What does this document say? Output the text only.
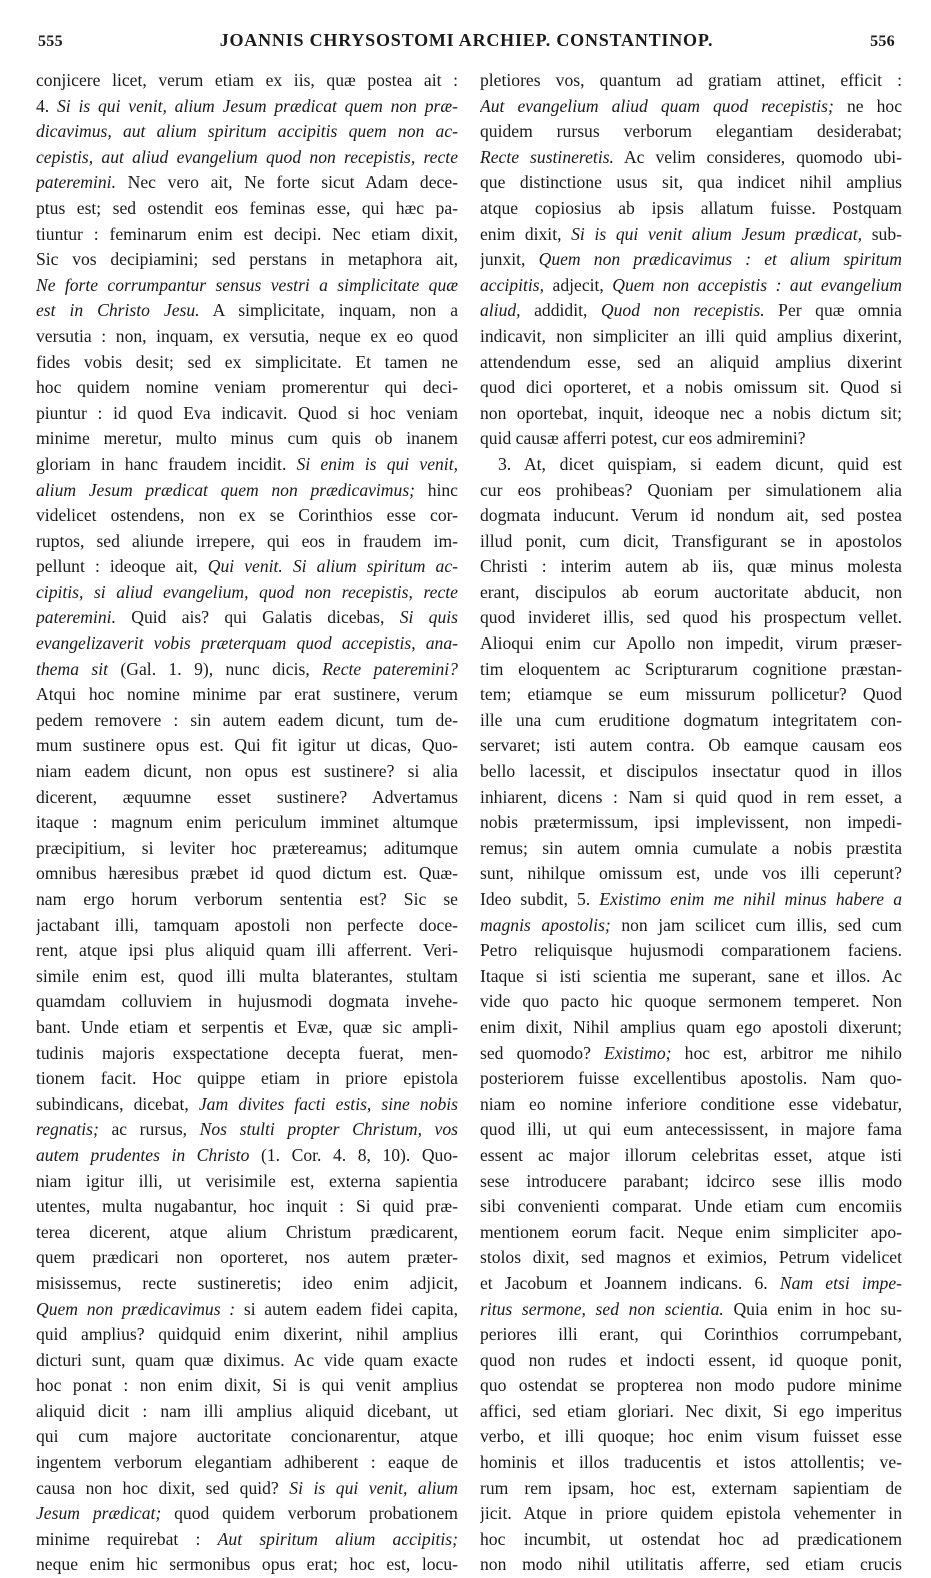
555	JOANNIS CHRYSOSTOMI ARCHIEP. CONSTANTINOP.	556
conjicere licet, verum etiam ex iis, quæ postea ait :
4. Si is qui venit, alium Jesum prædicat quem non præ-
dicavimus, aut alium spiritum accipitis quem non ac-
cepistis, aut aliud evangelium quod non recepistis, recte
pateremini. Nec vero ait, Ne forte sicut Adam dece-
ptus est; sed ostendit eos feminas esse, qui hæc pa-
tiuntur : feminarum enim est decipi. Nec etiam dixit,
Sic vos decipiamini; sed perstans in metaphora ait,
Ne forte corrumpantur sensus vestri a simplicitate quæ
est in Christo Jesu. A simplicitate, inquam, non a
versutia : non, inquam, ex versutia, neque ex eo quod
fides vobis desit; sed ex simplicitate. Et tamen ne
hoc quidem nomine veniam promerentur qui deci-
piuntur : id quod Eva indicavit. Quod si hoc veniam
minime meretur, multo minus cum quis ob inanem
gloriam in hanc fraudem incidit. Si enim is qui venit,
alium Jesum prædicat quem non prædicavimus; hinc
videlicet ostendens, non ex se Corinthios esse cor-
ruptos, sed aliunde irrepere, qui eos in fraudem im-
pellunt : ideoque ait, Qui venit. Si alium spiritum ac-
cipitis, si aliud evangelium, quod non recepistis, recte
pateremini. Quid ais? qui Galatis dicebas, Si quis
evangelizaverit vobis præterquam quod accepistis, ana-
thema sit (Gal. 1. 9), nunc dicis, Recte pateremini?
Atqui hoc nomine minime par erat sustinere, verum
pedem removere : sin autem eadem dicunt, tum de-
mum sustinere opus est. Qui fit igitur ut dicas, Quo-
niam eadem dicunt, non opus est sustinere? si alia
dicerent, æquumne esset sustinere? Advertamus
itaque : magnum enim periculum imminet altumque
præcipitium, si leviter hoc prætereamus; aditumque
omnibus hæresibus præbet id quod dictum est. Quæ-
nam ergo horum verborum sententia est? Sic se
jactabant illi, tamquam apostoli non perfecte doce-
rent, atque ipsi plus aliquid quam illi afferrent. Veri-
simile enim est, quod illi multa blaterantes, stultam
quamdam colluviem in hujusmodi dogmata invehe-
bant. Unde etiam et serpentis et Evæ, quæ sic ampli-
tudinis majoris exspectatione decepta fuerat, men-
tionem facit. Hoc quippe etiam in priore epistola
subindicans, dicebat, Jam divites facti estis, sine nobis
regnatis; ac rursus, Nos stulti propter Christum, vos
autem prudentes in Christo (1. Cor. 4. 8, 10). Quo-
niam igitur illi, ut verisimile est, externa sapientia
utentes, multa nugabantur, hoc inquit : Si quid præ-
terea dicerent, atque alium Christum prædicarent,
quem prædicari non oporteret, nos autem præter-
misissemus, recte sustineretis; ideo enim adjicit,
Quem non prædicavimus : si autem eadem fidei capita,
quid amplius? quidquid enim dixerint, nihil amplius
dicturi sunt, quam quæ diximus. Ac vide quam exacte
hoc ponat : non enim dixit, Si is qui venit amplius
aliquid dicit : nam illi amplius aliquid dicebant, ut
qui cum majore auctoritate concionarentur, atque
ingentem verborum elegantiam adhiberent : eaque de
causa non hoc dixit, sed quid? Si is qui venit, alium
Jesum prædicat; quod quidem verborum probationem
minime requirebat : Aut spiritum alium accipitis;
neque enim hic sermonibus opus erat; hoc est, locu-
pletiores vos, quantum ad gratiam attinet, efficit :
Aut evangelium aliud quam quod recepistis; ne hoc
quidem rursus verborum elegantiam desiderabat;
Recte sustineretis. Ac velim consideres, quomodo ubi-
que distinctione usus sit, qua indicet nihil amplius
atque copiosius ab ipsis allatum fuisse. Postquam
enim dixit, Si is qui venit alium Jesum prædicat, sub-
junxit, Quem non prædicavimus : et alium spiritum
accipitis, adjecit, Quem non accepistis : aut evangelium
aliud, addidit, Quod non recepistis. Per quæ omnia
indicavit, non simpliciter an illi quid amplius dixerint,
attendendum esse, sed an aliquid amplius dixerint
quod dici oporteret, et a nobis omissum sit. Quod si
non oportebat, inquit, ideoque nec a nobis dictum sit;
quid causæ afferri potest, cur eos admiremini?
3. At, dicet quispiam, si eadem dicunt, quid est
cur eos prohibeas? Quoniam per simulationem alia
dogmata inducunt. Verum id nondum ait, sed postea
illud ponit, cum dicit, Transfigurant se in apostolos
Christi : interim autem ab iis, quæ minus molesta
erant, discipulos ab eorum auctoritate abducit, non
quod invideret illis, sed quod his prospectum vellet.
Alioqui enim cur Apollo non impedit, virum præser-
tim eloquentem ac Scripturarum cognitione præstan-
tem; etiamque se eum missurum pollicetur? Quod
ille una cum eruditione dogmatum integritatem con-
servaret; isti autem contra. Ob eamque causam eos
bello lacessit, et discipulos insectatur quod in illos
inhiarent, dicens : Nam si quid quod in rem esset, a
nobis prætermissum, ipsi implevissent, non impedi-
remus; sin autem omnia cumulate a nobis præstita
sunt, nihilque omissum est, unde vos illi ceperunt?
Ideo subdit, 5. Existimo enim me nihil minus habere a
magnis apostolis; non jam scilicet cum illis, sed cum
Petro reliquisque hujusmodi comparationem faciens.
Itaque si isti scientia me superant, sane et illos. Ac
vide quo pacto hic quoque sermonem temperet. Non
enim dixit, Nihil amplius quam ego apostoli dixerunt;
sed quomodo? Existimo; hoc est, arbitror me nihilo
posteriorem fuisse excellentibus apostolis. Nam quo-
niam eo nomine inferiore conditione esse videbatur,
quod illi, ut qui eum antecessissent, in majore fama
essent ac major illorum celebritas esset, atque isti
sese introducere parabant; idcirco sese illis modo
sibi convenienti comparat. Unde etiam cum encomiis
mentionem eorum facit. Neque enim simpliciter apo-
stolos dixit, sed magnos et eximios, Petrum videlicet
et Jacobum et Joannem indicans. 6. Nam etsi impe-
ritus sermone, sed non scientia. Quia enim in hoc su-
periores illi erant, qui Corinthios corrumpebant,
quod non rudes et indocti essent, id quoque ponit,
quo ostendat se propterea non modo pudore minime
affici, sed etiam gloriari. Nec dixit, Si ego imperitus
verbo, et illi quoque; hoc enim visum fuisset esse
hominis et illos traducentis et istos attollentis; ve-
rum rem ipsam, hoc est, externam sapientiam de
jicit. Atque in priore quidem epistola vehementer in
hoc incumbit, ut ostendat hoc ad prædicationem
non modo nihil utilitatis afferre, sed etiam crucis
